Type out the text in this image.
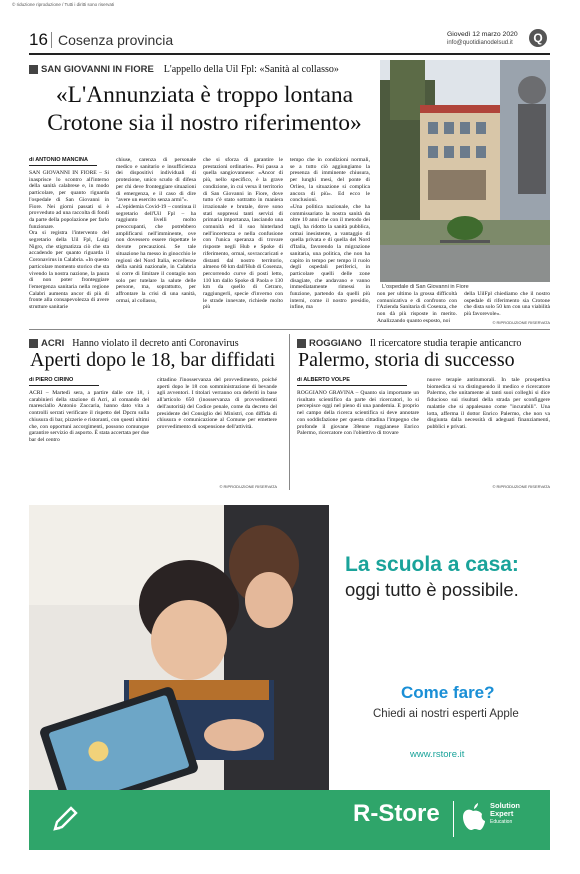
© riduzione riproduzione / Tutti i diritti sono riservati
16 Cosenza provincia	Giovedì 12 marzo 2020
info@quotidianodelsud.it	Q
SAN GIOVANNI IN FIORE L'appello della Uil Fpl: «Sanità al collasso»
«L'Annunziata è troppo lontana
Crotone sia il nostro riferimento»
di ANTONIO MANCINA
SAN GIOVANNI IN FIORE – Si inasprisce lo scontro all'interno della sanità calabrese e, in modo particolare, per quanto riguarda l'ospedale di San Giovanni in Fiore. Nei giorni passati si è provveduto ad una raccolta di fondi da parte della popolazione per farlo funzionare.
Ora si registra l'intervento del segretario della Uil Fpl, Luigi Nigro, che stigmatizza ciò che sta accadendo per quanto riguarda il Coronavirus in Calabria. «In questo particolare momento storico che sta vivendo la nostra nazione, la paura di non poter fronteggiare l'emergenza sanitaria nella regione Calabri aumenta ancor di più di fronte alla consapevolezza di avere strutture sanitarie
chiuse, carenza di personale medico e sanitario e insufficienza dei dispositivi individuali di protezione, unico scudo di difesa per chi deve fronteggiare situazioni di emergenza, e il caso di dire "avere un esercito senza armi"».
«L'epidemia Covid-19 – continua il segretario dell'Uil Fpl – ha raggiunto livelli molto preoccupanti, che potrebbero amplificarsi nell'imminente, ove non dovessero essere rispettate le dovute precauzioni. Se tale situazione ha messo in ginocchio le regioni del Nord Italia, eccellenze della sanità nazionale, in Calabria si corre di limitare il contagio non solo per tutelare la salute delle persone, ma, soprattutto, per affrontare la crisi di una sanità, ormai, al collasso,
che si sforza di garantire le prestazioni ordinarie». Poi passa a quella sangiovannese: «Ancor di più, nello specifico, è la grave condizione, in cui versa il territorio di San Giovanni in Fiore, dove tutto c'è stato sottratto in maniera irrazionale e brutale, dove sono stati soppressi tanti servizi di primaria importanza, lasciando una comunità ed il suo hinterland nell'incertezza e nella confusione con l'unica speranza di trovare risposte negli Hub e Spoke di riferimento, ormai, sovraccaricati e distanti dal nostro territorio, almeno 60 km dall'Hub di Cosenza, percorrendo curve di posti letto, 110 km dallo Spoke di Paola e 130 km da quello di Cetraro, raggiungerli, specie d'inverno con le strade innevate, richiede molto più
tempo che in condizioni normali, se a tutto ciò aggiungiamo la presenza di imminente chiusura, per lunghi mesi, del ponte di Orlieo, la situazione si complica ancora di più». Ed ecco le conclusioni.
«Una politica nazionale, che ha commissariato la nostra sanità da oltre 10 anni che con il metodo dei tagli, ha ridotto la sanità pubblica, ormai inesistente, a vantaggio di quella privata e di quella del Nord d'Italia, favorendo la migrazione sanitaria, una politica, che non ha capito in tempo per tempo il ruolo degli ospedali periferici, in particolare quelli delle zone disagiate, che andavano e vanno immediatamente rimessi in funzione, partendo da quelli più interni, come il nostro presidio, infine, ma
non per ultimo la grossa difficoltà comunicativa e di confronto con l'Azienda Sanitaria di Cosenza, che non dà più risposte in merito. Analizzando quanto esposto, noi
della UilFpl chiediamo che il nostro ospedale di riferimento sia Crotone che dista solo 50 km con una viabilità più favorevole».
L'ospedale di San Giovanni in Fiore
© RIPRODUZIONE RISERVATA
ACRI Hanno violato il decreto anti Coronavirus
Aperti dopo le 18, bar diffidati
di PIERO CIRINO
ACRI – Martedì sera, a partire dalle ore 18, i carabinieri della stazione di Acri, al comando del maresciallo Antonio Zaccaria, hanno dato vita a controlli serrati verificare il rispetto del Dpcm sulla chiusura di bar, pizzerie e ristoranti, con questi ultimi che, con opportuni accorgimenti, possono comunque garantire servizio di asporto. È stata accertata per due bar del centro
cittadino l'inosservanza del provvedimento, poiché aperti dopo le 18 con somministrazione di bevande agli avventori. I titolari verranno ora deferiti in base all'articolo 650 (inosservanza di provvedimenti dell'autorità) del Codice penale, come da decreto del presidente del Consiglio dei Ministri, con diffida di chiusura e comunicazione al Comune per emettere provvedimento di sospensione dell'attività.
© RIPRODUZIONE RISERVATA
ROGGIANO Il ricercatore studia terapie anticancro
Palermo, storia di successo
di ALBERTO VOLPE
ROGGIANO GRAVINA – Quanto sia importante un risultato scientifico da parte dei ricercatori, lo si percepisce oggi nel pieno di una pandemia. E proprio nel campo della ricerca scientifica si deve annotare con soddisfazione per questa cittadina l'impegno che profonde il giovane 38enne roggianese Enrico Palermo, ricercatore con l'obiettivo di trovare
nuove terapie antitumorali. In tale prospettiva biomedica si va distinguendo il medico e ricercatore Palermo, che unitamente ai tanti suoi colleghi si dice fiducioso sui risultati della strada per sconfiggere malattie che si appalesano come "incurabili". Una lotta, afferma il dottor Enrico Palermo, che non va disgiunta dalla necessità di adeguati finanziamenti, pubblici e privati.
© RIPRODUZIONE RISERVATA
La scuola a casa:
oggi tutto è possibile.
Come fare?
Chiedi ai nostri esperti Apple
www.rstore.it
R-Store	Solution
Expert
Education
